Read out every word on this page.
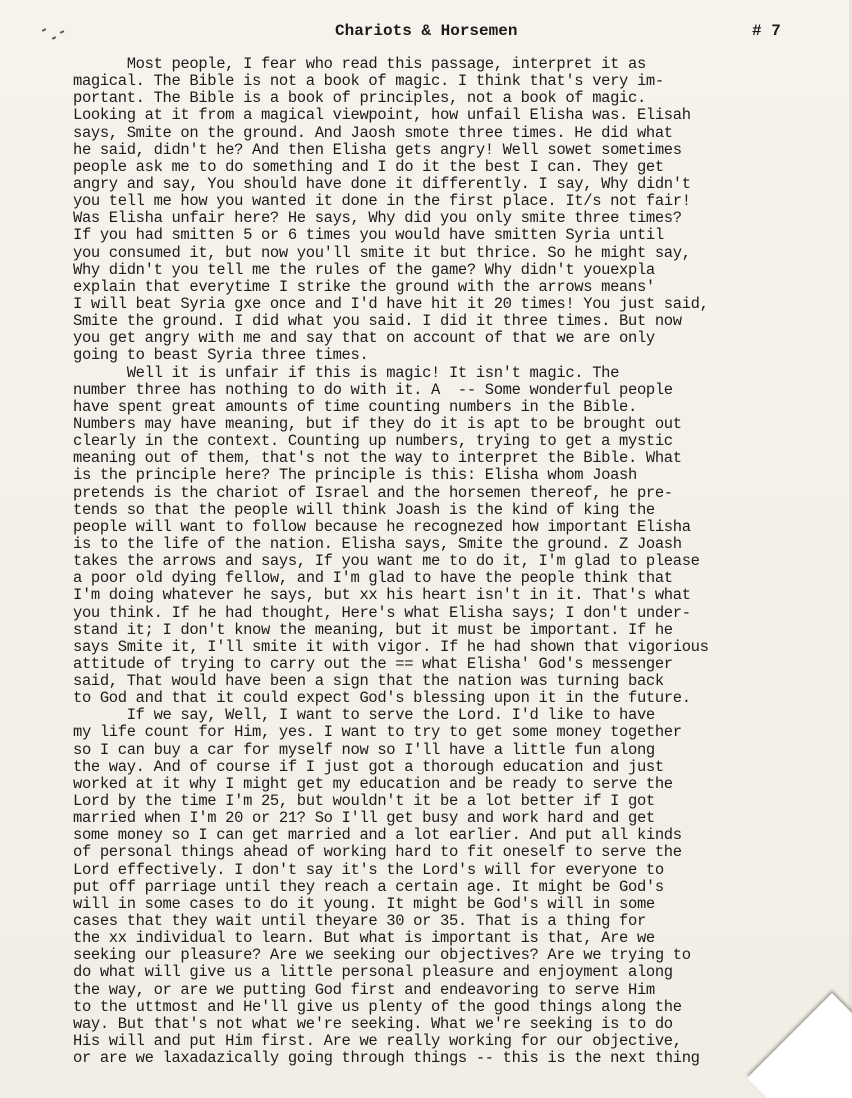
Chariots & Horsemen	# 7
Most people, I fear who read this passage, interpret it as
magical. The Bible is not a book of magic. I think that's very im-
portant. The Bible is a book of principles, not a book of magic.
Looking at it from a magical viewpoint, how unfail Elisha was. Elisah
says, Smite on the ground. And Jaosh smote three times. He did what
he said, didn't he? And then Elisha gets angry! Well sowet sometimes
people ask me to do something and I do it the best I can. They get
angry and say, You should have done it differently. I say, Why didn't
you tell me how you wanted it done in the first place. It/s not fair!
Was Elisha unfair here? He says, Why did you only smite three times?
If you had smitten 5 or 6 times you would have smitten Syria until
you consumed it, but now you'll smite it but thrice. So he might say,
Why didn't you tell me the rules of the game? Why didn't youexpla
explain that everytime I strike the ground with the arrows means'
I will beat Syria gxe once and I'd have hit it 20 times! You just said,
Smite the ground. I did what you said. I did it three times. But now
you get angry with me and say that on account of that we are only
going to beast Syria three times.
Well it is unfair if this is magic! It isn't magic. The
number three has nothing to do with it. A  -- Some wonderful people
have spent great amounts of time counting numbers in the Bible.
Numbers may have meaning, but if they do it is apt to be brought out
clearly in the context. Counting up numbers, trying to get a mystic
meaning out of them, that's not the way to interpret the Bible. What
is the principle here? The principle is this: Elisha whom Joash
pretends is the chariot of Israel and the horsemen thereof, he pre-
tends so that the people will think Joash is the kind of king the
people will want to follow because he recognezed how important Elisha
is to the life of the nation. Elisha says, Smite the ground. Z Joash
takes the arrows and says, If you want me to do it, I'm glad to please
a poor old dying fellow, and I'm glad to have the people think that
I'm doing whatever he says, but xx his heart isn't in it. That's what
you think. If he had thought, Here's what Elisha says; I don't under-
stand it; I don't know the meaning, but it must be important. If he
says Smite it, I'll smite it with vigor. If he had shown that vigorious
attitude of trying to carry out the == what Elisha' God's messenger
said, That would have been a sign that the nation was turning back
to God and that it could expect God's blessing upon it in the future.
If we say, Well, I want to serve the Lord. I'd like to have
my life count for Him, yes. I want to try to get some money together
so I can buy a car for myself now so I'll have a little fun along
the way. And of course if I just got a thorough education and just
worked at it why I might get my education and be ready to serve the
Lord by the time I'm 25, but wouldn't it be a lot better if I got
married when I'm 20 or 21? So I'll get busy and work hard and get
some money so I can get married and a lot earlier. And put all kinds
of personal things ahead of working hard to fit oneself to serve the
Lord effectively. I don't say it's the Lord's will for everyone to
put off parriage until they reach a certain age. It might be God's
will in some cases to do it young. It might be God's will in some
cases that they wait until theyare 30 or 35. That is a thing for
the xx individual to learn. But what is important is that, Are we
seeking our pleasure? Are we seeking our objectives? Are we trying to
do what will give us a little personal pleasure and enjoyment along
the way, or are we putting God first and endeavoring to serve Him
to the uttmost and He'll give us plenty of the good things along the
way. But that's not what we're seeking. What we're seeking is to do
His will and put Him first. Are we really working for our objective,
or are we laxadazically going through things -- this is the next thing
